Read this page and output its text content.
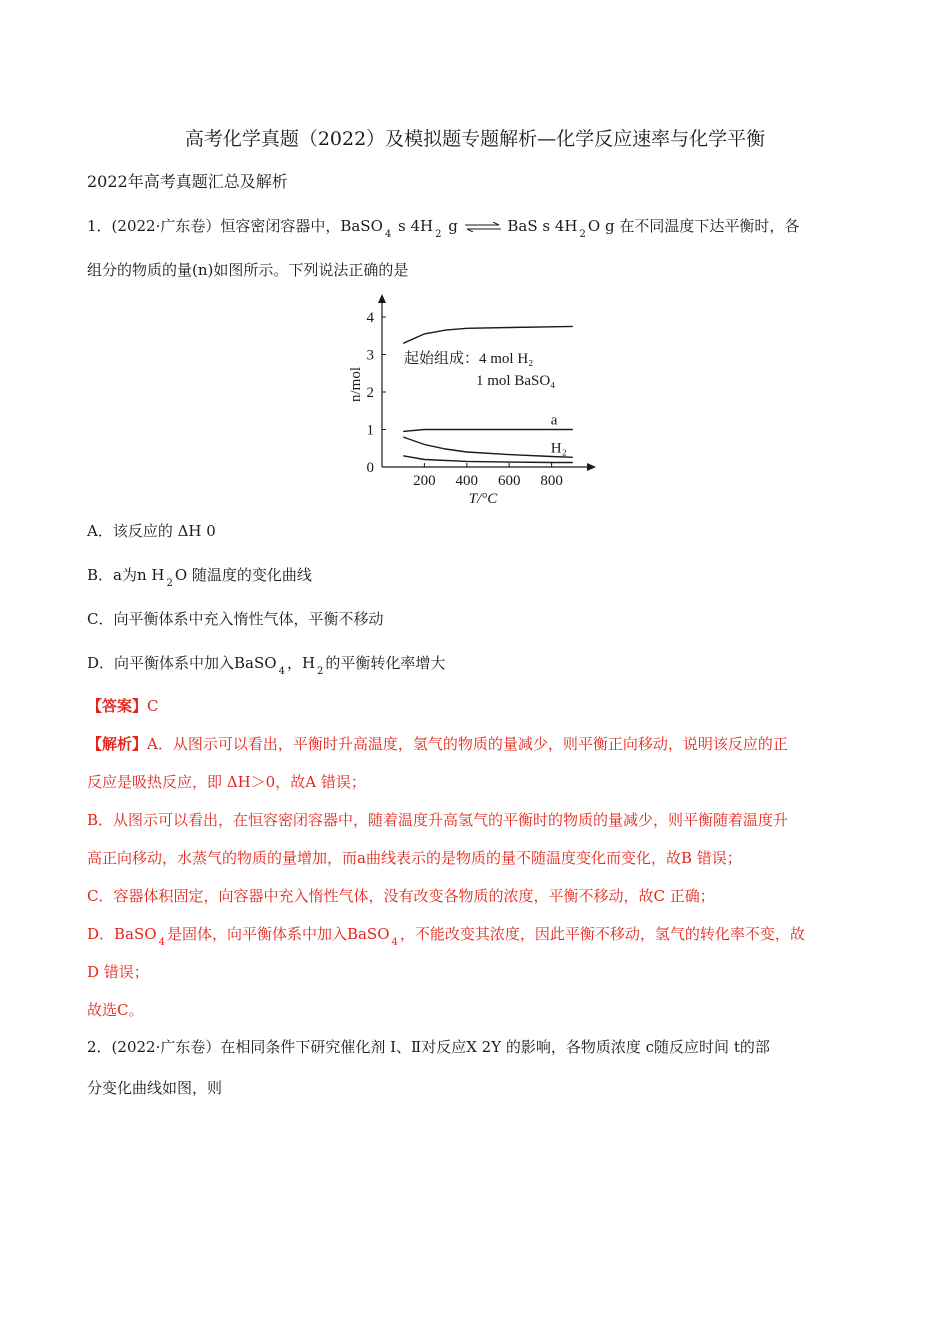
高考化学真题（2022）及模拟题专题解析—化学反应速率与化学平衡
2022年高考真题汇总及解析
1．(2022·广东卷）恒容密闭容器中，BaSO $_4$ s 4H $_2$ g ⇌ BaS s 4H $_2$ O g 在不同温度下达平衡时，各
组分的物质的量(n)如图所示。下列说法正确的是
200 400 600 800
0
1
2
3
4
T/°C
n/mol
a
H₂
起始组成：4 mol H₂
1 mol BaSO₄
A．该反应的 ΔH 0
B．a为n H $_2$ O 随温度的变化曲线
C．向平衡体系中充入惰性气体，平衡不移动
D．向平衡体系中加入BaSO $_4$ ，H $_2$ 的平衡转化率增大
【答案】C
【解析】A．从图示可以看出，平衡时升高温度，氢气的物质的量减少，则平衡正向移动，说明该反应的正
反应是吸热反应，即 ΔH＞0，故A 错误；
B．从图示可以看出，在恒容密闭容器中，随着温度升高氢气的平衡时的物质的量减少，则平衡随着温度升
高正向移动，水蒸气的物质的量增加，而a曲线表示的是物质的量不随温度变化而变化，故B 错误；
C．容器体积固定，向容器中充入惰性气体，没有改变各物质的浓度，平衡不移动，故C 正确；
D．BaSO $_4$ 是固体，向平衡体系中加入BaSO $_4$ ，不能改变其浓度，因此平衡不移动，氢气的转化率不变，故
D 错误；
故选C。
2．(2022·广东卷）在相同条件下研究催化剂 I、Ⅱ对反应X 2Y 的影响，各物质浓度 c随反应时间 t的部
分变化曲线如图，则
